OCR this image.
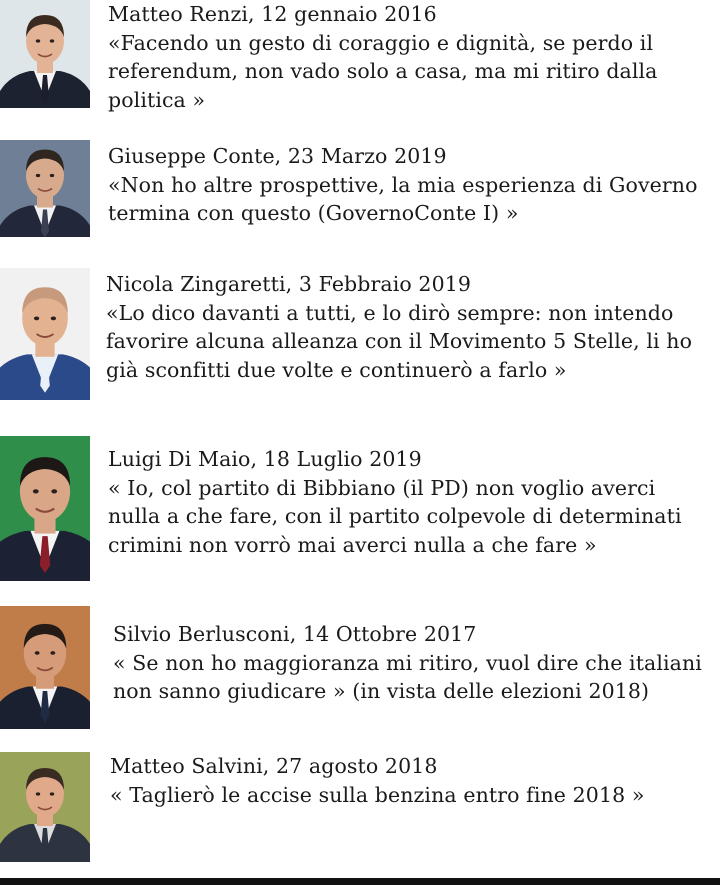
Matteo Renzi, 12 gennaio 2016
«Facendo un gesto di coraggio e dignità, se perdo il
referendum, non vado solo a casa, ma mi ritiro dalla
politica »
Giuseppe Conte, 23 Marzo 2019
«Non ho altre prospettive, la mia esperienza di Governo
termina con questo (GovernoConte I) »
Nicola Zingaretti, 3 Febbraio 2019
«Lo dico davanti a tutti, e lo dirò sempre: non intendo
favorire alcuna alleanza con il Movimento 5 Stelle, li ho
già sconfitti due volte e continuerò a farlo »
Luigi Di Maio, 18 Luglio 2019
« Io, col partito di Bibbiano (il PD) non voglio averci
nulla a che fare, con il partito colpevole di determinati
crimini non vorrò mai averci nulla a che fare »
Silvio Berlusconi, 14 Ottobre 2017
« Se non ho maggioranza mi ritiro, vuol dire che italiani
non sanno giudicare » (in vista delle elezioni 2018)
Matteo Salvini, 27 agosto 2018
« Taglierò le accise sulla benzina entro fine 2018 »
